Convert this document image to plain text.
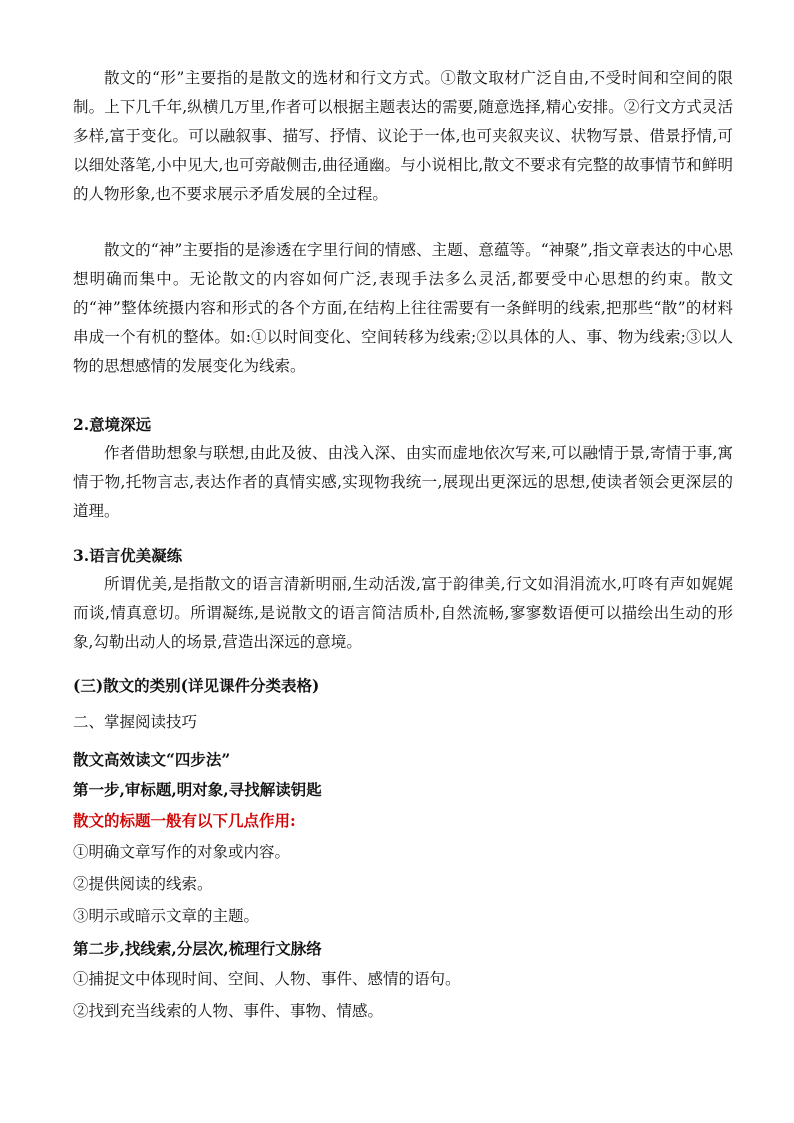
散文的“形”主要指的是散文的选材和行文方式。①散文取材广泛自由,不受时间和空间的限制。上下几千年,纵横几万里,作者可以根据主题表达的需要,随意选择,精心安排。②行文方式灵活多样,富于变化。可以融叙事、描写、抒情、议论于一体,也可夹叙夹议、状物写景、借景抒情,可以细处落笔,小中见大,也可旁敲侧击,曲径通幽。与小说相比,散文不要求有完整的故事情节和鲜明的人物形象,也不要求展示矛盾发展的全过程。

散文的“神”主要指的是渗透在字里行间的情感、主题、意蕴等。“神聚”,指文章表达的中心思想明确而集中。无论散文的内容如何广泛,表现手法多么灵活,都要受中心思想的约束。散文的“神”整体统摄内容和形式的各个方面,在结构上往往需要有一条鲜明的线索,把那些“散”的材料串成一个有机的整体。如:①以时间变化、空间转移为线索;②以具体的人、事、物为线索;③以人物的思想感情的发展变化为线索。

2.意境深远

作者借助想象与联想,由此及彼、由浅入深、由实而虚地依次写来,可以融情于景,寄情于事,寓情于物,托物言志,表达作者的真情实感,实现物我统一,展现出更深远的思想,使读者领会更深层的道理。

3.语言优美凝练

所谓优美,是指散文的语言清新明丽,生动活泼,富于韵律美,行文如涓涓流水,叮咚有声如娓娓而谈,情真意切。所谓凝练,是说散文的语言简洁质朴,自然流畅,寥寥数语便可以描绘出生动的形象,勾勒出动人的场景,营造出深远的意境。

(三)散文的类别(详见课件分类表格)

二、掌握阅读技巧

散文高效读文“四步法”

第一步,审标题,明对象,寻找解读钥匙

散文的标题一般有以下几点作用:

①明确文章写作的对象或内容。

②提供阅读的线索。

③明示或暗示文章的主题。

第二步,找线索,分层次,梳理行文脉络

①捕捉文中体现时间、空间、人物、事件、感情的语句。

②找到充当线索的人物、事件、事物、情感。
